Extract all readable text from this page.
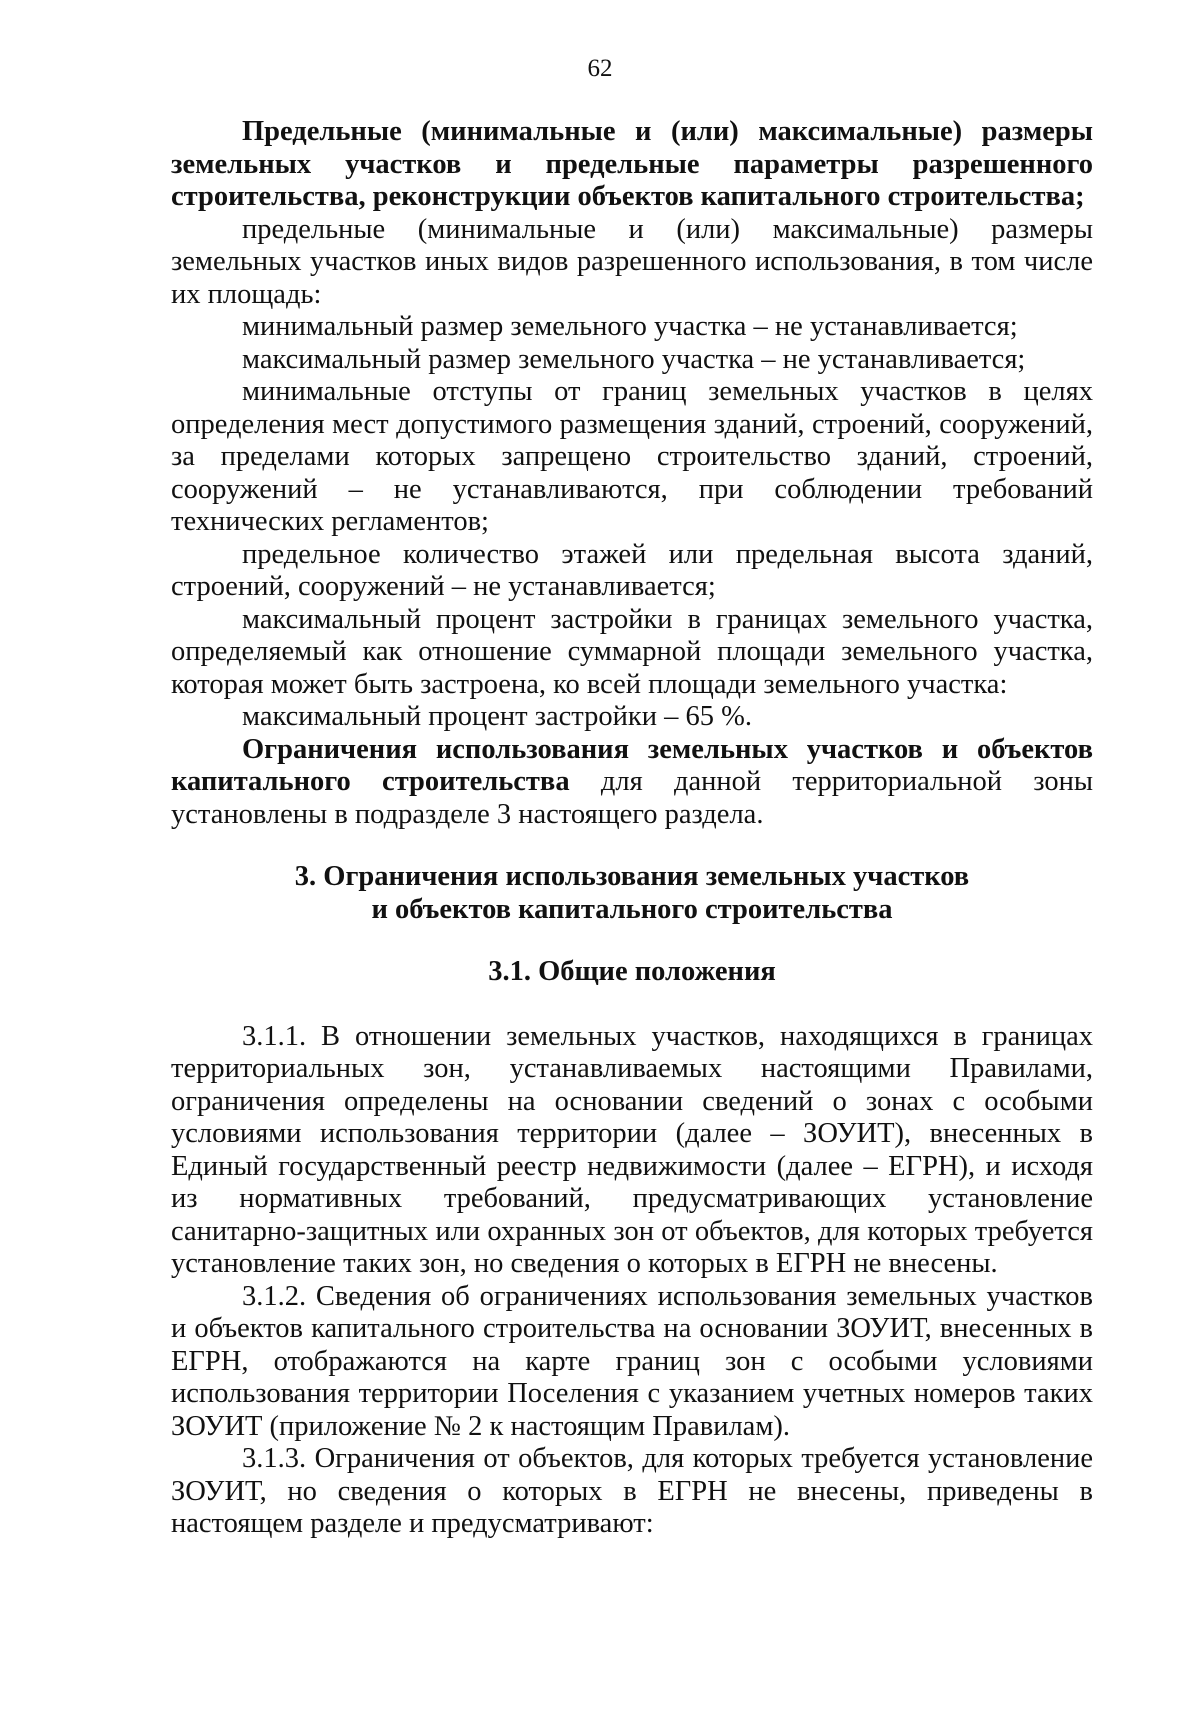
62

Предельные (минимальные и (или) максимальные) размеры земельных участков и предельные параметры разрешенного строительства, реконструкции объектов капитального строительства;

предельные (минимальные и (или) максимальные) размеры земельных участков иных видов разрешенного использования, в том числе их площадь:

минимальный размер земельного участка – не устанавливается;

максимальный размер земельного участка – не устанавливается;

минимальные отступы от границ земельных участков в целях определения мест допустимого размещения зданий, строений, сооружений, за пределами которых запрещено строительство зданий, строений, сооружений – не устанавливаются, при соблюдении требований технических регламентов;

предельное количество этажей или предельная высота зданий, строений, сооружений – не устанавливается;

максимальный процент застройки в границах земельного участка, определяемый как отношение суммарной площади земельного участка, которая может быть застроена, ко всей площади земельного участка:

максимальный процент застройки – 65 %.

Ограничения использования земельных участков и объектов капитального строительства для данной территориальной зоны установлены в подразделе 3 настоящего раздела.

3. Ограничения использования земельных участков
и объектов капитального строительства
3.1. Общие положения

3.1.1. В отношении земельных участков, находящихся в границах территориальных зон, устанавливаемых настоящими Правилами, ограничения определены на основании сведений о зонах с особыми условиями использования территории (далее – ЗОУИТ), внесенных в Единый государственный реестр недвижимости (далее – ЕГРН), и исходя из нормативных требований, предусматривающих установление санитарно-защитных или охранных зон от объектов, для которых требуется установление таких зон, но сведения о которых в ЕГРН не внесены.

3.1.2. Сведения об ограничениях использования земельных участков и объектов капитального строительства на основании ЗОУИТ, внесенных в ЕГРН, отображаются на карте границ зон с особыми условиями использования территории Поселения с указанием учетных номеров таких ЗОУИТ (приложение № 2 к настоящим Правилам).

3.1.3. Ограничения от объектов, для которых требуется установление ЗОУИТ, но сведения о которых в ЕГРН не внесены, приведены в настоящем разделе и предусматривают:
